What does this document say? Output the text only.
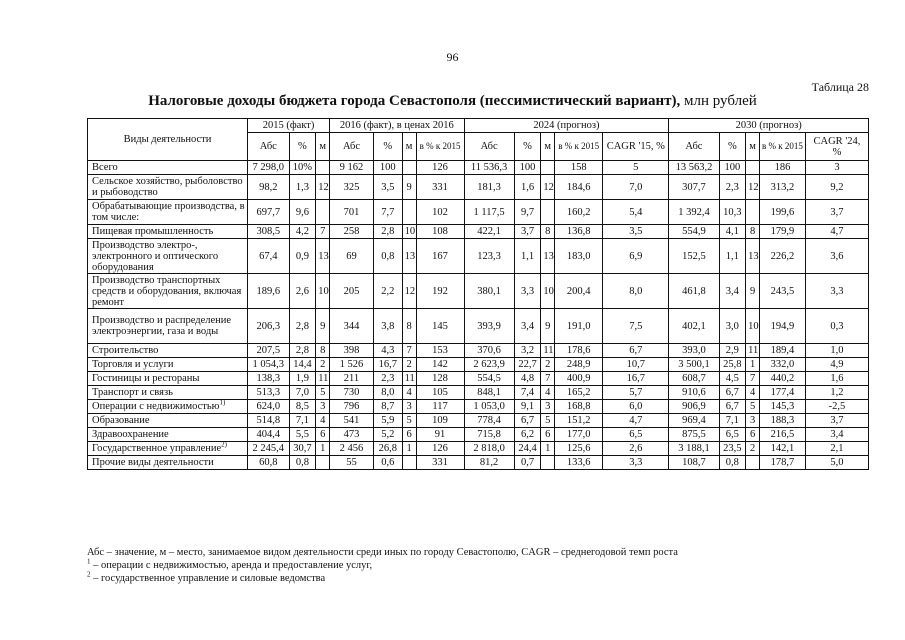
96
Таблица 28
Налоговые доходы бюджета города Севастополя (пессимистический вариант), млн рублей
Виды деятельности	2015 (факт)			2016 (факт), в ценах 2016				2024 (прогноз)					2030 (прогноз)				
	Абс	%	м	Абс	%	м	в % к 2015	Абс	%	м	в % к 2015	CAGR '15, %	Абс	%	м	в % к 2015	CAGR '24, %
Всего	7 298,0	10%		9 162	100		126	11 536,3	100		158	5	13 563,2	100		186	3
Сельское хозяйство, рыболовство и рыбоводство	98,2	1,3	12	325	3,5	9	331	181,3	1,6	12	184,6	7,0	307,7	2,3	12	313,2	9,2
Обрабатывающие производства, в том числе:	697,7	9,6		701	7,7		102	1 117,5	9,7		160,2	5,4	1 392,4	10,3		199,6	3,7
Пищевая промышленность	308,5	4,2	7	258	2,8	10	108	422,1	3,7	8	136,8	3,5	554,9	4,1	8	179,9	4,7
Производство электро-, электронного и оптического оборудования	67,4	0,9	13	69	0,8	13	167	123,3	1,1	13	183,0	6,9	152,5	1,1	13	226,2	3,6
Производство транспортных средств и оборудования, включая ремонт	189,6	2,6	10	205	2,2	12	192	380,1	3,3	10	200,4	8,0	461,8	3,4	9	243,5	3,3
Производство и распределение электроэнергии, газа и воды	206,3	2,8	9	344	3,8	8	145	393,9	3,4	9	191,0	7,5	402,1	3,0	10	194,9	0,3
Строительство	207,5	2,8	8	398	4,3	7	153	370,6	3,2	11	178,6	6,7	393,0	2,9	11	189,4	1,0
Торговля и услуги	1 054,3	14,4	2	1 526	16,7	2	142	2 623,9	22,7	2	248,9	10,7	3 500,1	25,8	1	332,0	4,9
Гостиницы и рестораны	138,3	1,9	11	211	2,3	11	128	554,5	4,8	7	400,9	16,7	608,7	4,5	7	440,2	1,6
Транспорт и связь	513,3	7,0	5	730	8,0	4	105	848,1	7,4	4	165,2	5,7	910,6	6,7	4	177,4	1,2
Операции с недвижимостью$^{1)}$	624,0	8,5	3	796	8,7	3	117	1 053,0	9,1	3	168,8	6,0	906,9	6,7	5	145,3	-2,5
Образование	514,8	7,1	4	541	5,9	5	109	778,4	6,7	5	151,2	4,7	969,4	7,1	3	188,3	3,7
Здравоохранение	404,4	5,5	6	473	5,2	6	91	715,8	6,2	6	177,0	6,5	875,5	6,5	6	216,5	3,4
Государственное управление$^{2)}$	2 245,4	30,7	1	2 456	26,8	1	126	2 818,0	24,4	1	125,6	2,6	3 188,1	23,5	2	142,1	2,1
Прочие виды деятельности	60,8	0,8		55	0,6		331	81,2	0,7		133,6	3,3	108,7	0,8		178,7	5,0
Абс – значение, м – место, занимаемое видом деятельности среди иных по городу Севастополю, CAGR – среднегодовой темп роста
$^1$ – операции с недвижимостью, аренда и предоставление услуг,
$^2$ – государственное управление и силовые ведомства
